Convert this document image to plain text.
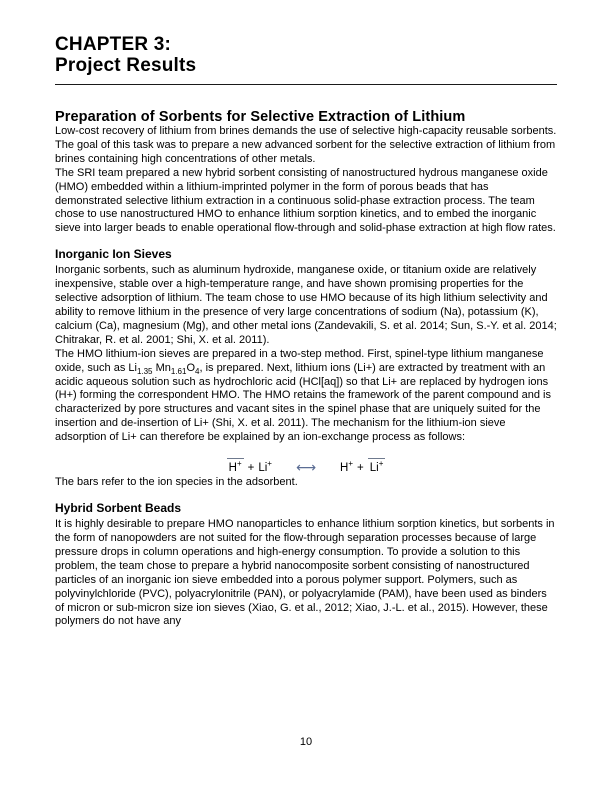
CHAPTER 3:
Project Results
Preparation of Sorbents for Selective Extraction of Lithium

Low-cost recovery of lithium from brines demands the use of selective high-capacity reusable sorbents. The goal of this task was to prepare a new advanced sorbent for the selective extraction of lithium from brines containing high concentrations of other metals.

The SRI team prepared a new hybrid sorbent consisting of nanostructured hydrous manganese oxide (HMO) embedded within a lithium-imprinted polymer in the form of porous beads that has demonstrated selective lithium extraction in a continuous solid-phase extraction process. The team chose to use nanostructured HMO to enhance lithium sorption kinetics, and to embed the inorganic sieve into larger beads to enable operational flow-through and solid-phase extraction at high flow rates.

Inorganic Ion Sieves

Inorganic sorbents, such as aluminum hydroxide, manganese oxide, or titanium oxide are relatively inexpensive, stable over a high-temperature range, and have shown promising properties for the selective adsorption of lithium. The team chose to use HMO because of its high lithium selectivity and ability to remove lithium in the presence of very large concentrations of sodium (Na), potassium (K), calcium (Ca), magnesium (Mg), and other metal ions (Zandevakili, S. et al. 2014; Sun, S.-Y. et al. 2014; Chitrakar, R. et al. 2001; Shi, X. et al. 2011).

The HMO lithium-ion sieves are prepared in a two-step method. First, spinel-type lithium manganese oxide, such as $Li_{1.35}$ $Mn_{1.61}O_4$, is prepared. Next, lithium ions (Li+) are extracted by treatment with an acidic aqueous solution such as hydrochloric acid (HCl[aq]) so that Li+ are replaced by hydrogen ions (H+) forming the correspondent HMO. The HMO retains the framework of the parent compound and is characterized by pore structures and vacant sites in the spinel phase that are uniquely suited for the insertion and de-insertion of Li+ (Shi, X. et al. 2011). The mechanism for the lithium-ion sieve adsorption of Li+ can therefore be explained by an ion-exchange process as follows:

H+ + Li+ ⟷ H+ + Li+

The bars refer to the ion species in the adsorbent.

Hybrid Sorbent Beads

It is highly desirable to prepare HMO nanoparticles to enhance lithium sorption kinetics, but sorbents in the form of nanopowders are not suited for the flow-through separation processes because of large pressure drops in column operations and high-energy consumption. To provide a solution to this problem, the team chose to prepare a hybrid nanocomposite sorbent consisting of nanostructured particles of an inorganic ion sieve embedded into a porous polymer support. Polymers, such as polyvinylchloride (PVC), polyacrylonitrile (PAN), or polyacrylamide (PAM), have been used as binders of micron or sub-micron size ion sieves (Xiao, G. et al., 2012; Xiao, J.-L. et al., 2015). However, these polymers do not have any

10
